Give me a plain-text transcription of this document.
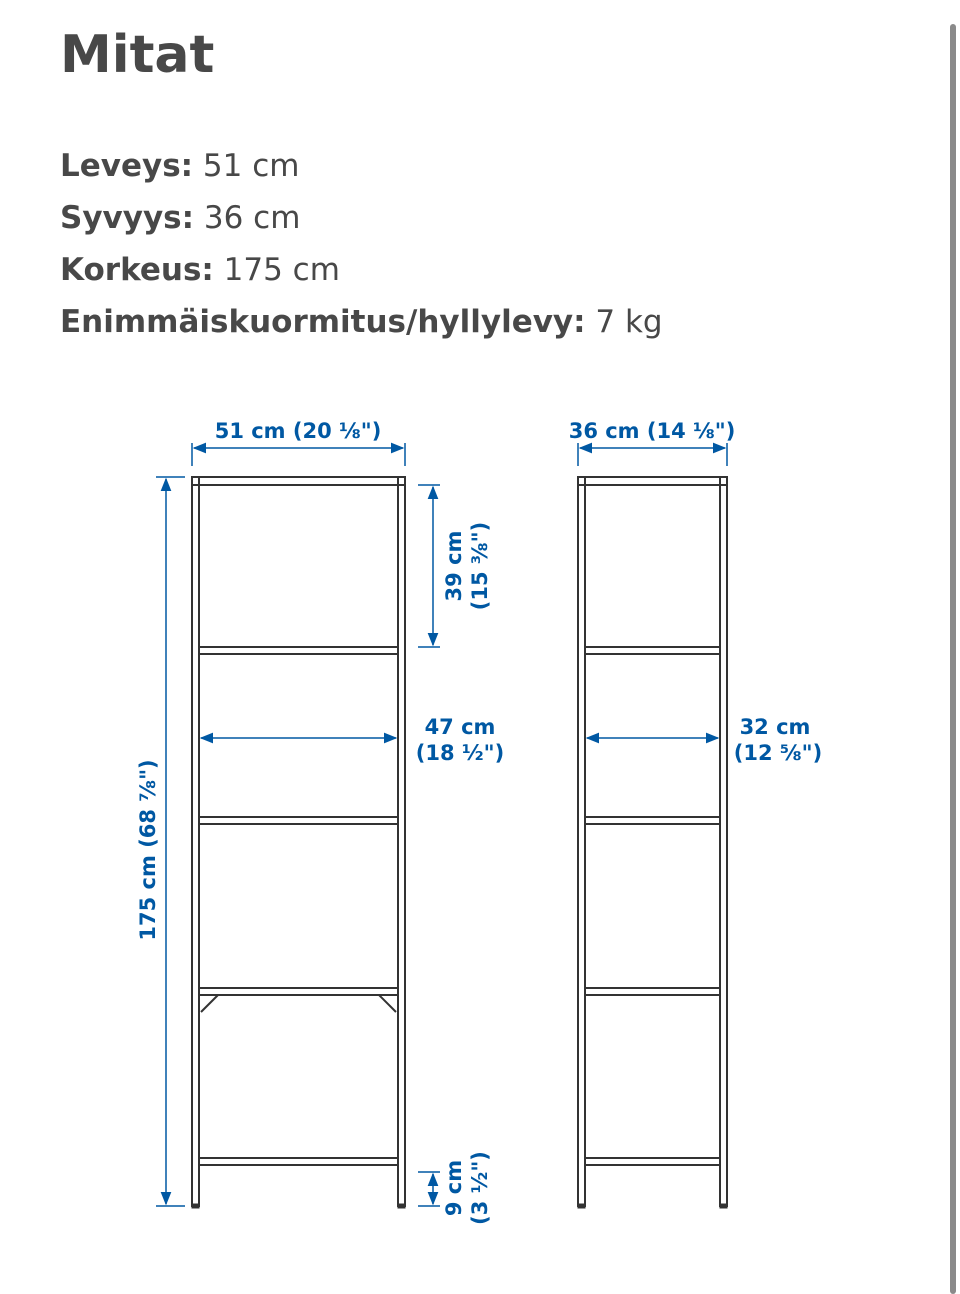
Mitat
Leveys: 51 cm
Syvyys: 36 cm
Korkeus: 175 cm
Enimmäiskuormitus/hyllylevy: 7 kg
51 cm (20 ⅛")
175 cm (68 ⅞")
39 cm (15 ⅜")
47 cm
(18 ½")
9 cm (3 ½")
36 cm (14 ⅛")
32 cm
(12 ⅝")
